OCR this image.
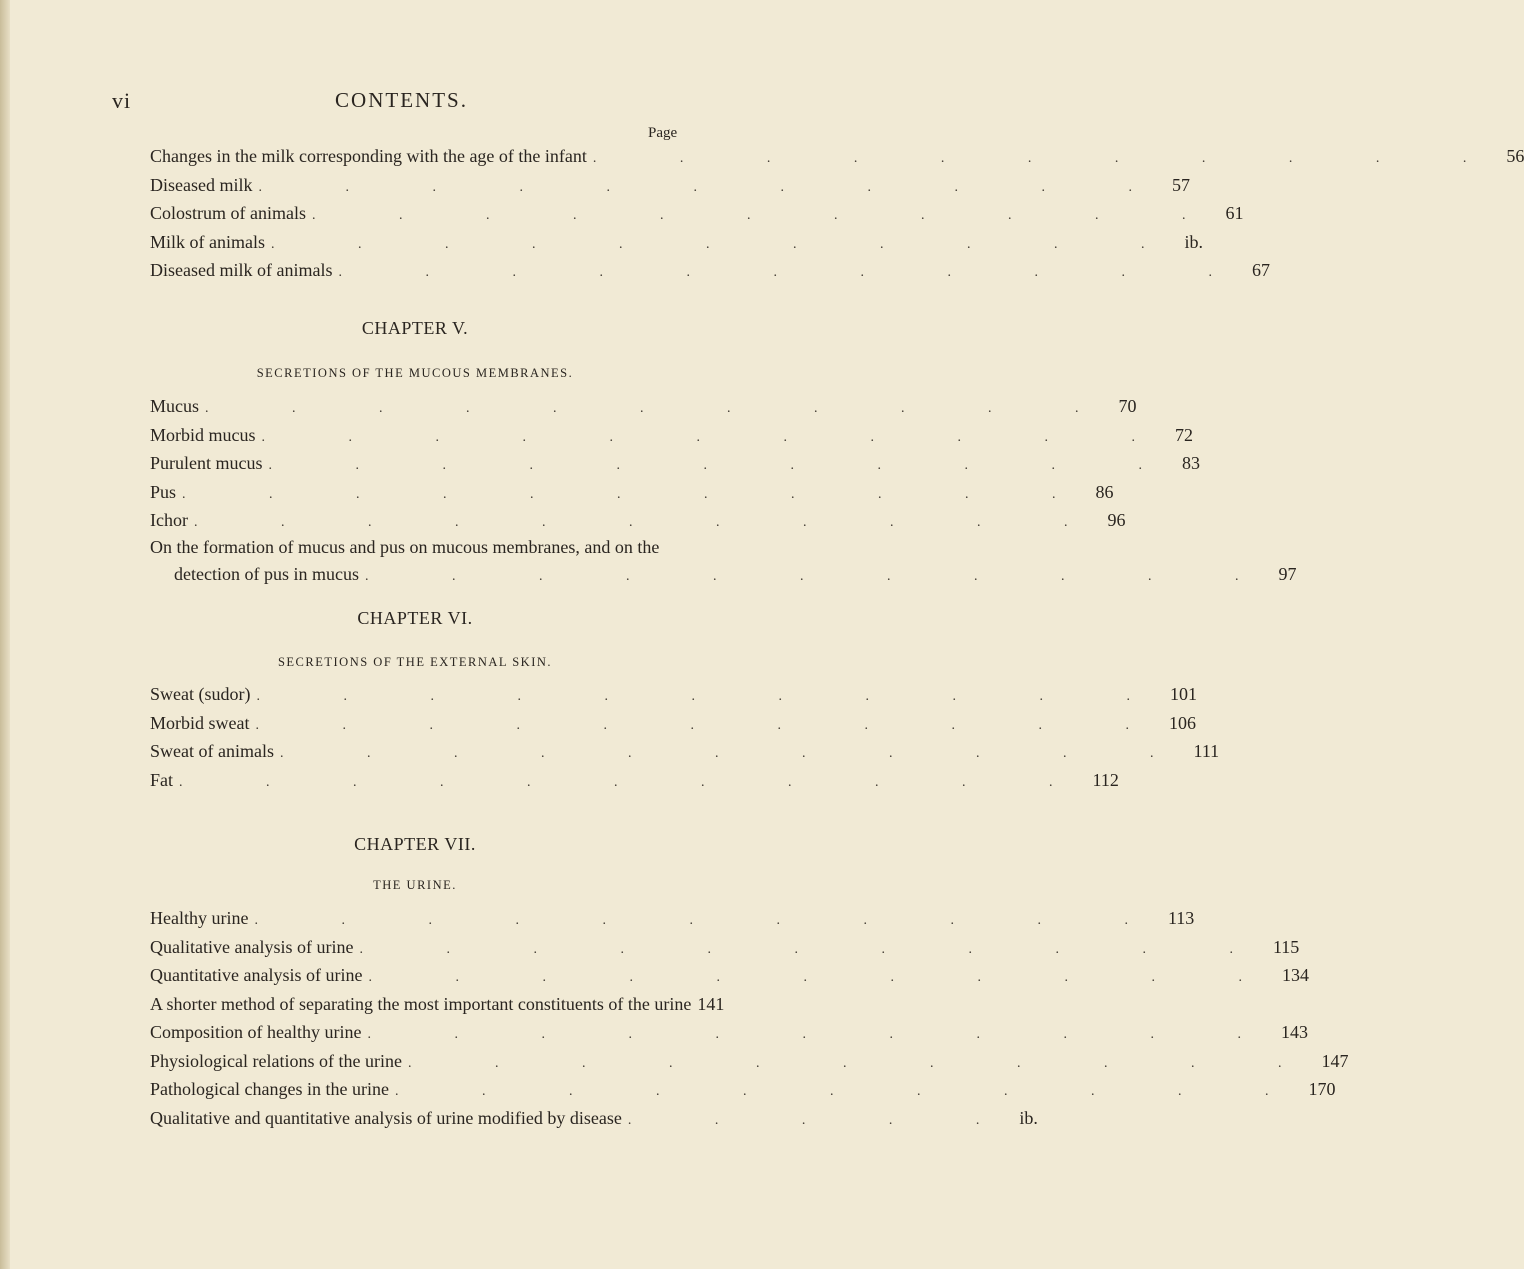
vi	CONTENTS.
Page
Changes in the milk corresponding with the age of the infant . . . . . . . . . . . 56
Diseased milk . . . . . . . . . . . 57
Colostrum of animals . . . . . . . . . . . 61
Milk of animals . . . . . . . . . . . ib.
Diseased milk of animals . . . . . . . . . . . 67
CHAPTER V.
SECRETIONS OF THE MUCOUS MEMBRANES.
Mucus . . . . . . . . . . . 70
Morbid mucus . . . . . . . . . . . 72
Purulent mucus . . . . . . . . . . . 83
Pus . . . . . . . . . . . 86
Ichor . . . . . . . . . . . 96
On the formation of mucus and pus on mucous membranes, and on the
detection of pus in mucus . . . . . . . . . . . 97
CHAPTER VI.
SECRETIONS OF THE EXTERNAL SKIN.
Sweat (sudor) . . . . . . . . . . . 101
Morbid sweat . . . . . . . . . . . 106
Sweat of animals . . . . . . . . . . . 111
Fat . . . . . . . . . . . 112
CHAPTER VII.
THE URINE.
Healthy urine . . . . . . . . . . . 113
Qualitative analysis of urine . . . . . . . . . . . 115
Quantitative analysis of urine . . . . . . . . . . . 134
A shorter method of separating the most important constituents of the urine 141
Composition of healthy urine . . . . . . . . . . . 143
Physiological relations of the urine . . . . . . . . . . . 147
Pathological changes in the urine . . . . . . . . . . . 170
Qualitative and quantitative analysis of urine modified by disease . . . . . ib.
